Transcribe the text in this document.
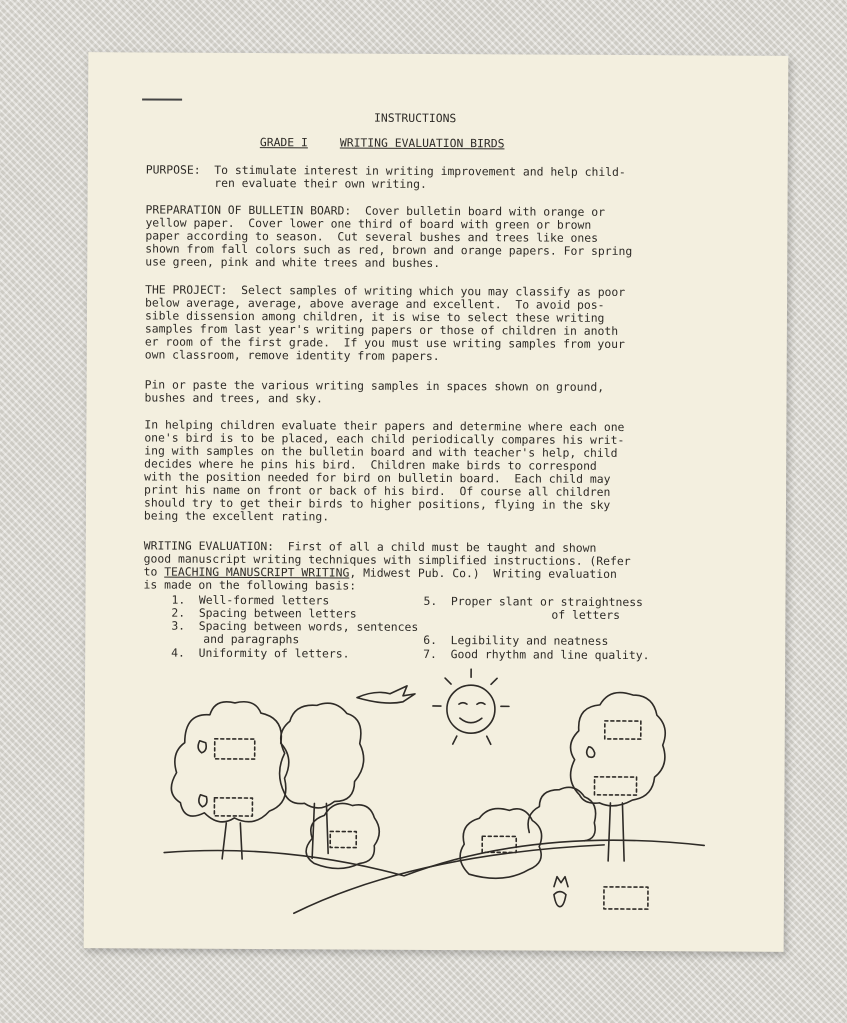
INSTRUCTIONS
GRADE I	WRITING EVALUATION BIRDS
PURPOSE:  To stimulate interest in writing improvement and help child-
ren evaluate their own writing.
PREPARATION OF BULLETIN BOARD:  Cover bulletin board with orange or
yellow paper.  Cover lower one third of board with green or brown
paper according to season.  Cut several bushes and trees like ones
shown from fall colors such as red, brown and orange papers. For spring
use green, pink and white trees and bushes.
THE PROJECT:  Select samples of writing which you may classify as poor
below average, average, above average and excellent.  To avoid pos-
sible dissension among children, it is wise to select these writing
samples from last year's writing papers or those of children in anoth
er room of the first grade.  If you must use writing samples from your
own classroom, remove identity from papers.
Pin or paste the various writing samples in spaces shown on ground,
bushes and trees, and sky.
In helping children evaluate their papers and determine where each one
one's bird is to be placed, each child periodically compares his writ-
ing with samples on the bulletin board and with teacher's help, child
decides where he pins his bird.  Children make birds to correspond
with the position needed for bird on bulletin board.  Each child may
print his name on front or back of his bird.  Of course all children
should try to get their birds to higher positions, flying in the sky
being the excellent rating.
WRITING EVALUATION:  First of all a child must be taught and shown
good manuscript writing techniques with simplified instructions. (Refer
to TEACHING MANUSCRIPT WRITING, Midwest Pub. Co.)  Writing evaluation
is made on the following basis:
1.  Well-formed letters
2.  Spacing between letters
3.  Spacing between words, sentences
and paragraphs
4.  Uniformity of letters.
5.  Proper slant or straightness
of letters
6.  Legibility and neatness
7.  Good rhythm and line quality.
